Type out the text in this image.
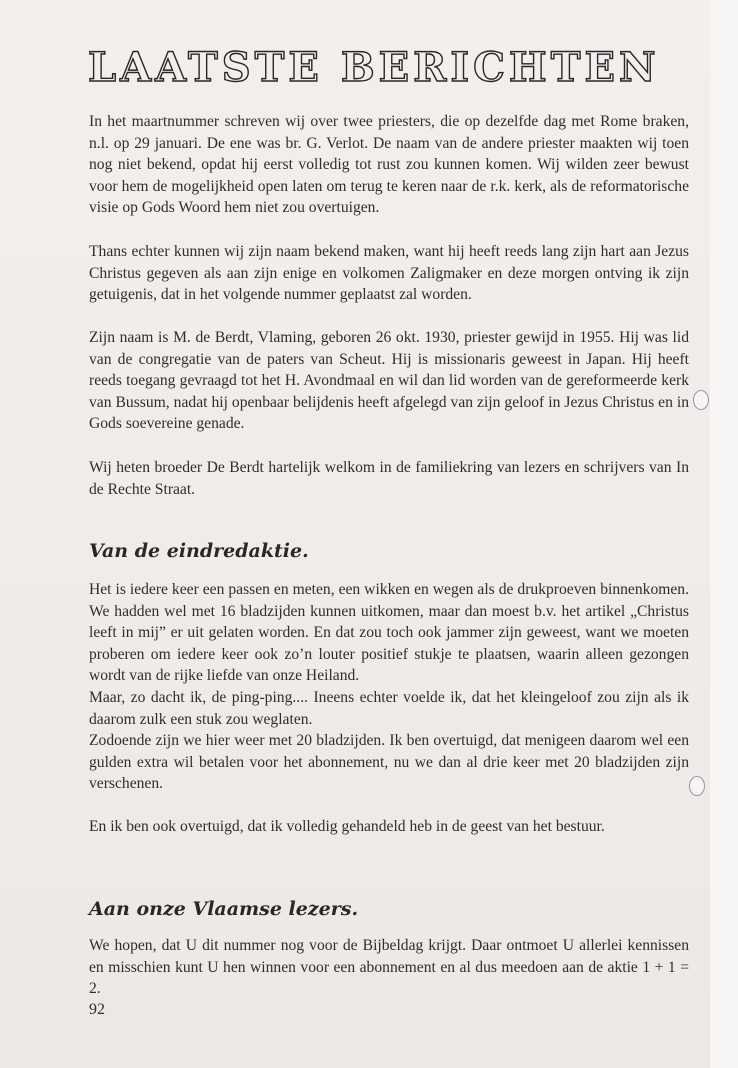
LAATSTE BERICHTEN

In het maartnummer schreven wij over twee priesters, die op dezelfde dag met Rome braken, n.l. op 29 januari. De ene was br. G. Verlot. De naam van de andere priester maakten wij toen nog niet bekend, opdat hij eerst volledig tot rust zou kunnen komen. Wij wilden zeer bewust voor hem de mogelijkheid open laten om terug te keren naar de r.k. kerk, als de reformatorische visie op Gods Woord hem niet zou overtuigen.

Thans echter kunnen wij zijn naam bekend maken, want hij heeft reeds lang zijn hart aan Jezus Christus gegeven als aan zijn enige en volkomen Zaligmaker en deze morgen ontving ik zijn getuigenis, dat in het volgende nummer geplaatst zal worden.

Zijn naam is M. de Berdt, Vlaming, geboren 26 okt. 1930, priester gewijd in 1955. Hij was lid van de congregatie van de paters van Scheut. Hij is missionaris geweest in Japan. Hij heeft reeds toegang gevraagd tot het H. Avondmaal en wil dan lid worden van de gereformeerde kerk van Bussum, nadat hij openbaar belijdenis heeft afgelegd van zijn geloof in Jezus Christus en in Gods soevereine genade.

Wij heten broeder De Berdt hartelijk welkom in de familiekring van lezers en schrijvers van In de Rechte Straat.

Van de eindredaktie.

Het is iedere keer een passen en meten, een wikken en wegen als de drukproeven binnenkomen. We hadden wel met 16 bladzijden kunnen uitkomen, maar dan moest b.v. het artikel „Christus leeft in mij” er uit gelaten worden. En dat zou toch ook jammer zijn geweest, want we moeten proberen om iedere keer ook zo’n louter positief stukje te plaatsen, waarin alleen gezongen wordt van de rijke liefde van onze Heiland.

Maar, zo dacht ik, de ping-ping.... Ineens echter voelde ik, dat het kleingeloof zou zijn als ik daarom zulk een stuk zou weglaten.

Zodoende zijn we hier weer met 20 bladzijden. Ik ben overtuigd, dat menigeen daarom wel een gulden extra wil betalen voor het abonnement, nu we dan al drie keer met 20 bladzijden zijn verschenen.

En ik ben ook overtuigd, dat ik volledig gehandeld heb in de geest van het bestuur.

Aan onze Vlaamse lezers.

We hopen, dat U dit nummer nog voor de Bijbeldag krijgt. Daar ontmoet U allerlei kennissen en misschien kunt U hen winnen voor een abonnement en al dus meedoen aan de aktie 1 + 1 = 2.

92
